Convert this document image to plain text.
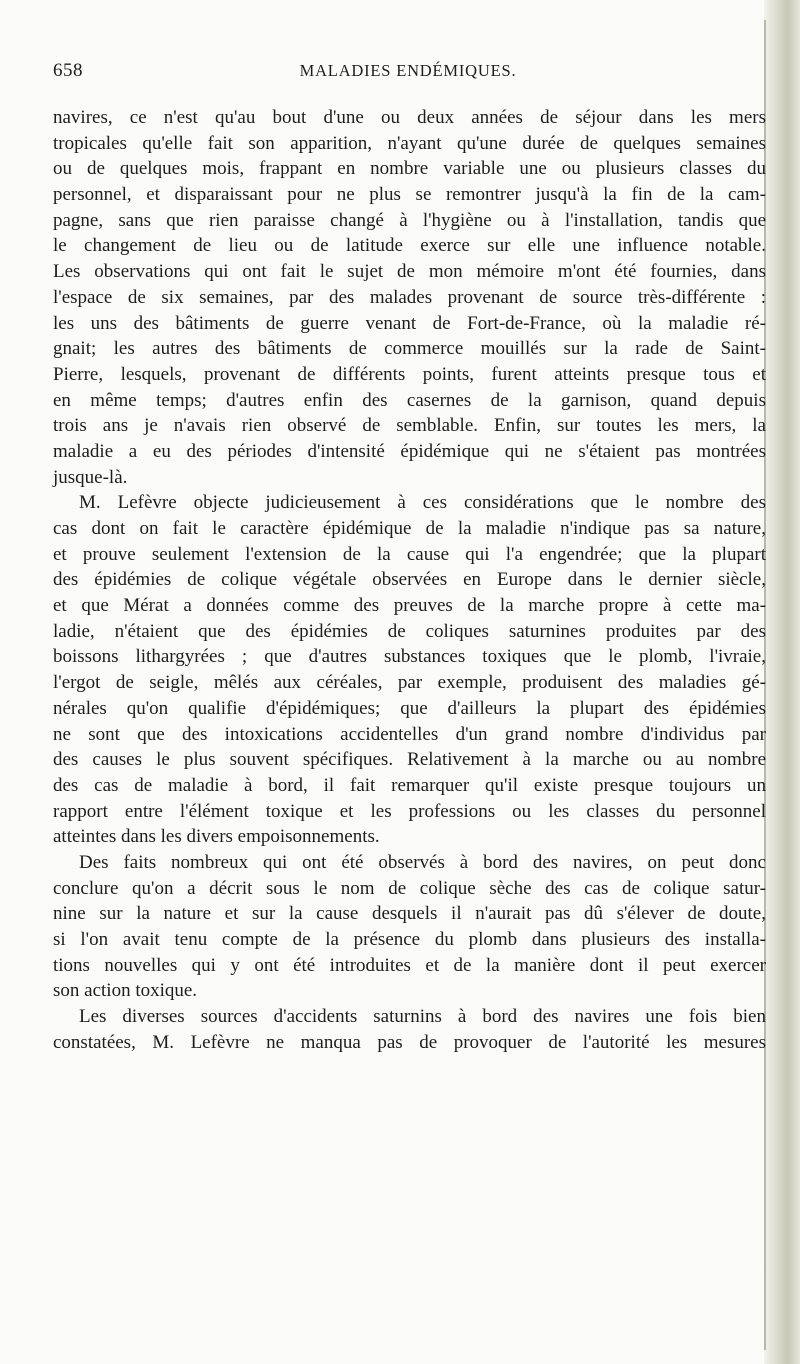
658	MALADIES ENDÉMIQUES.
navires, ce n'est qu'au bout d'une ou deux années de séjour dans les mers
tropicales qu'elle fait son apparition, n'ayant qu'une durée de quelques semaines
ou de quelques mois, frappant en nombre variable une ou plusieurs classes du
personnel, et disparaissant pour ne plus se remontrer jusqu'à la fin de la cam-
pagne, sans que rien paraisse changé à l'hygiène ou à l'installation, tandis que
le changement de lieu ou de latitude exerce sur elle une influence notable.
Les observations qui ont fait le sujet de mon mémoire m'ont été fournies, dans
l'espace de six semaines, par des malades provenant de source très-différente :
les uns des bâtiments de guerre venant de Fort-de-France, où la maladie ré-
gnait; les autres des bâtiments de commerce mouillés sur la rade de Saint-
Pierre, lesquels, provenant de différents points, furent atteints presque tous et
en même temps; d'autres enfin des casernes de la garnison, quand depuis
trois ans je n'avais rien observé de semblable. Enfin, sur toutes les mers, la
maladie a eu des périodes d'intensité épidémique qui ne s'étaient pas montrées
jusque-là.
M. Lefèvre objecte judicieusement à ces considérations que le nombre des
cas dont on fait le caractère épidémique de la maladie n'indique pas sa nature,
et prouve seulement l'extension de la cause qui l'a engendrée; que la plupart
des épidémies de colique végétale observées en Europe dans le dernier siècle,
et que Mérat a données comme des preuves de la marche propre à cette ma-
ladie, n'étaient que des épidémies de coliques saturnines produites par des
boissons lithargyrées ; que d'autres substances toxiques que le plomb, l'ivraie,
l'ergot de seigle, mêlés aux céréales, par exemple, produisent des maladies gé-
nérales qu'on qualifie d'épidémiques; que d'ailleurs la plupart des épidémies
ne sont que des intoxications accidentelles d'un grand nombre d'individus par
des causes le plus souvent spécifiques. Relativement à la marche ou au nombre
des cas de maladie à bord, il fait remarquer qu'il existe presque toujours un
rapport entre l'élément toxique et les professions ou les classes du personnel
atteintes dans les divers empoisonnements.
Des faits nombreux qui ont été observés à bord des navires, on peut donc
conclure qu'on a décrit sous le nom de colique sèche des cas de colique satur-
nine sur la nature et sur la cause desquels il n'aurait pas dû s'élever de doute,
si l'on avait tenu compte de la présence du plomb dans plusieurs des installa-
tions nouvelles qui y ont été introduites et de la manière dont il peut exercer
son action toxique.
Les diverses sources d'accidents saturnins à bord des navires une fois bien
constatées, M. Lefèvre ne manqua pas de provoquer de l'autorité les mesures
